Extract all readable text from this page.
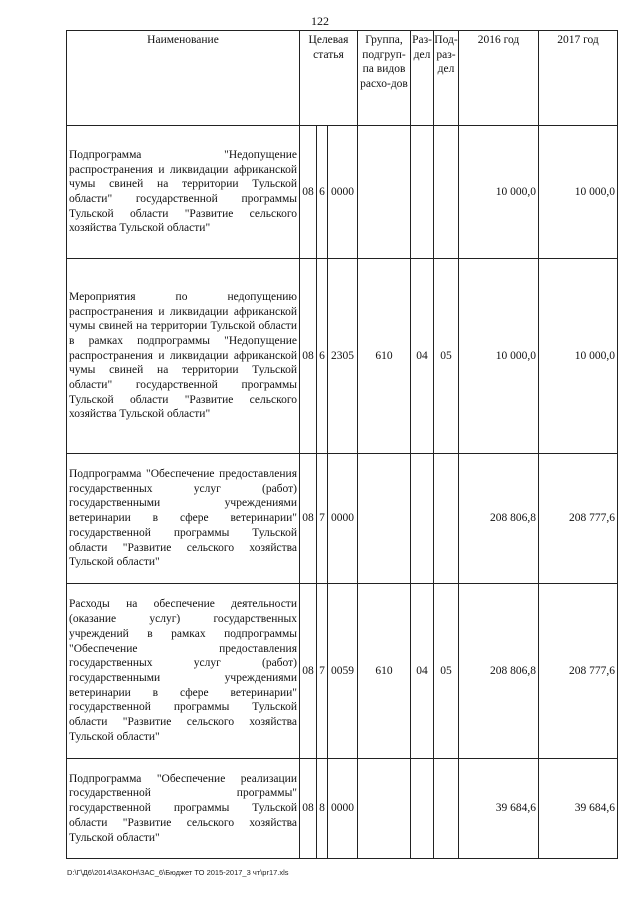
122
Наименование	Целевая статья			Группа, подгруп-па видов расхо-дов	Раз-дел	Под-раз-дел	2016 год	2017 год
Подпрограмма "Недопущение распространения и ликвидации африканской чумы свиней на территории Тульской области" государственной программы Тульской области "Развитие сельского хозяйства Тульской области"	08	6	0000				10 000,0	10 000,0
Мероприятия по недопущению распространения и ликвидации африканской чумы свиней на территории Тульской области в рамках подпрограммы "Недопущение распространения и ликвидации африканской чумы свиней на территории Тульской области" государственной программы Тульской области "Развитие сельского хозяйства Тульской области"	08	6	2305	610	04	05	10 000,0	10 000,0
Подпрограмма "Обеспечение предоставления государственных услуг (работ) государственными учреждениями ветеринарии в сфере ветеринарии" государственной программы Тульской области "Развитие сельского хозяйства Тульской области"	08	7	0000				208 806,8	208 777,6
Расходы на обеспечение деятельности (оказание услуг) государственных учреждений в рамках подпрограммы "Обеспечение предоставления государственных услуг (работ) государственными учреждениями ветеринарии в сфере ветеринарии" государственной программы Тульской области "Развитие сельского хозяйства Тульской области"	08	7	0059	610	04	05	208 806,8	208 777,6
Подпрограмма "Обеспечение реализации государственной программы" государственной программы Тульской области "Развитие сельского хозяйства Тульской области"	08	8	0000				39 684,6	39 684,6
D:\Г\Д6\2014\ЗАКОН\ЗАС_6\Бюджет ТО 2015-2017_3 чт\pr17.xls
